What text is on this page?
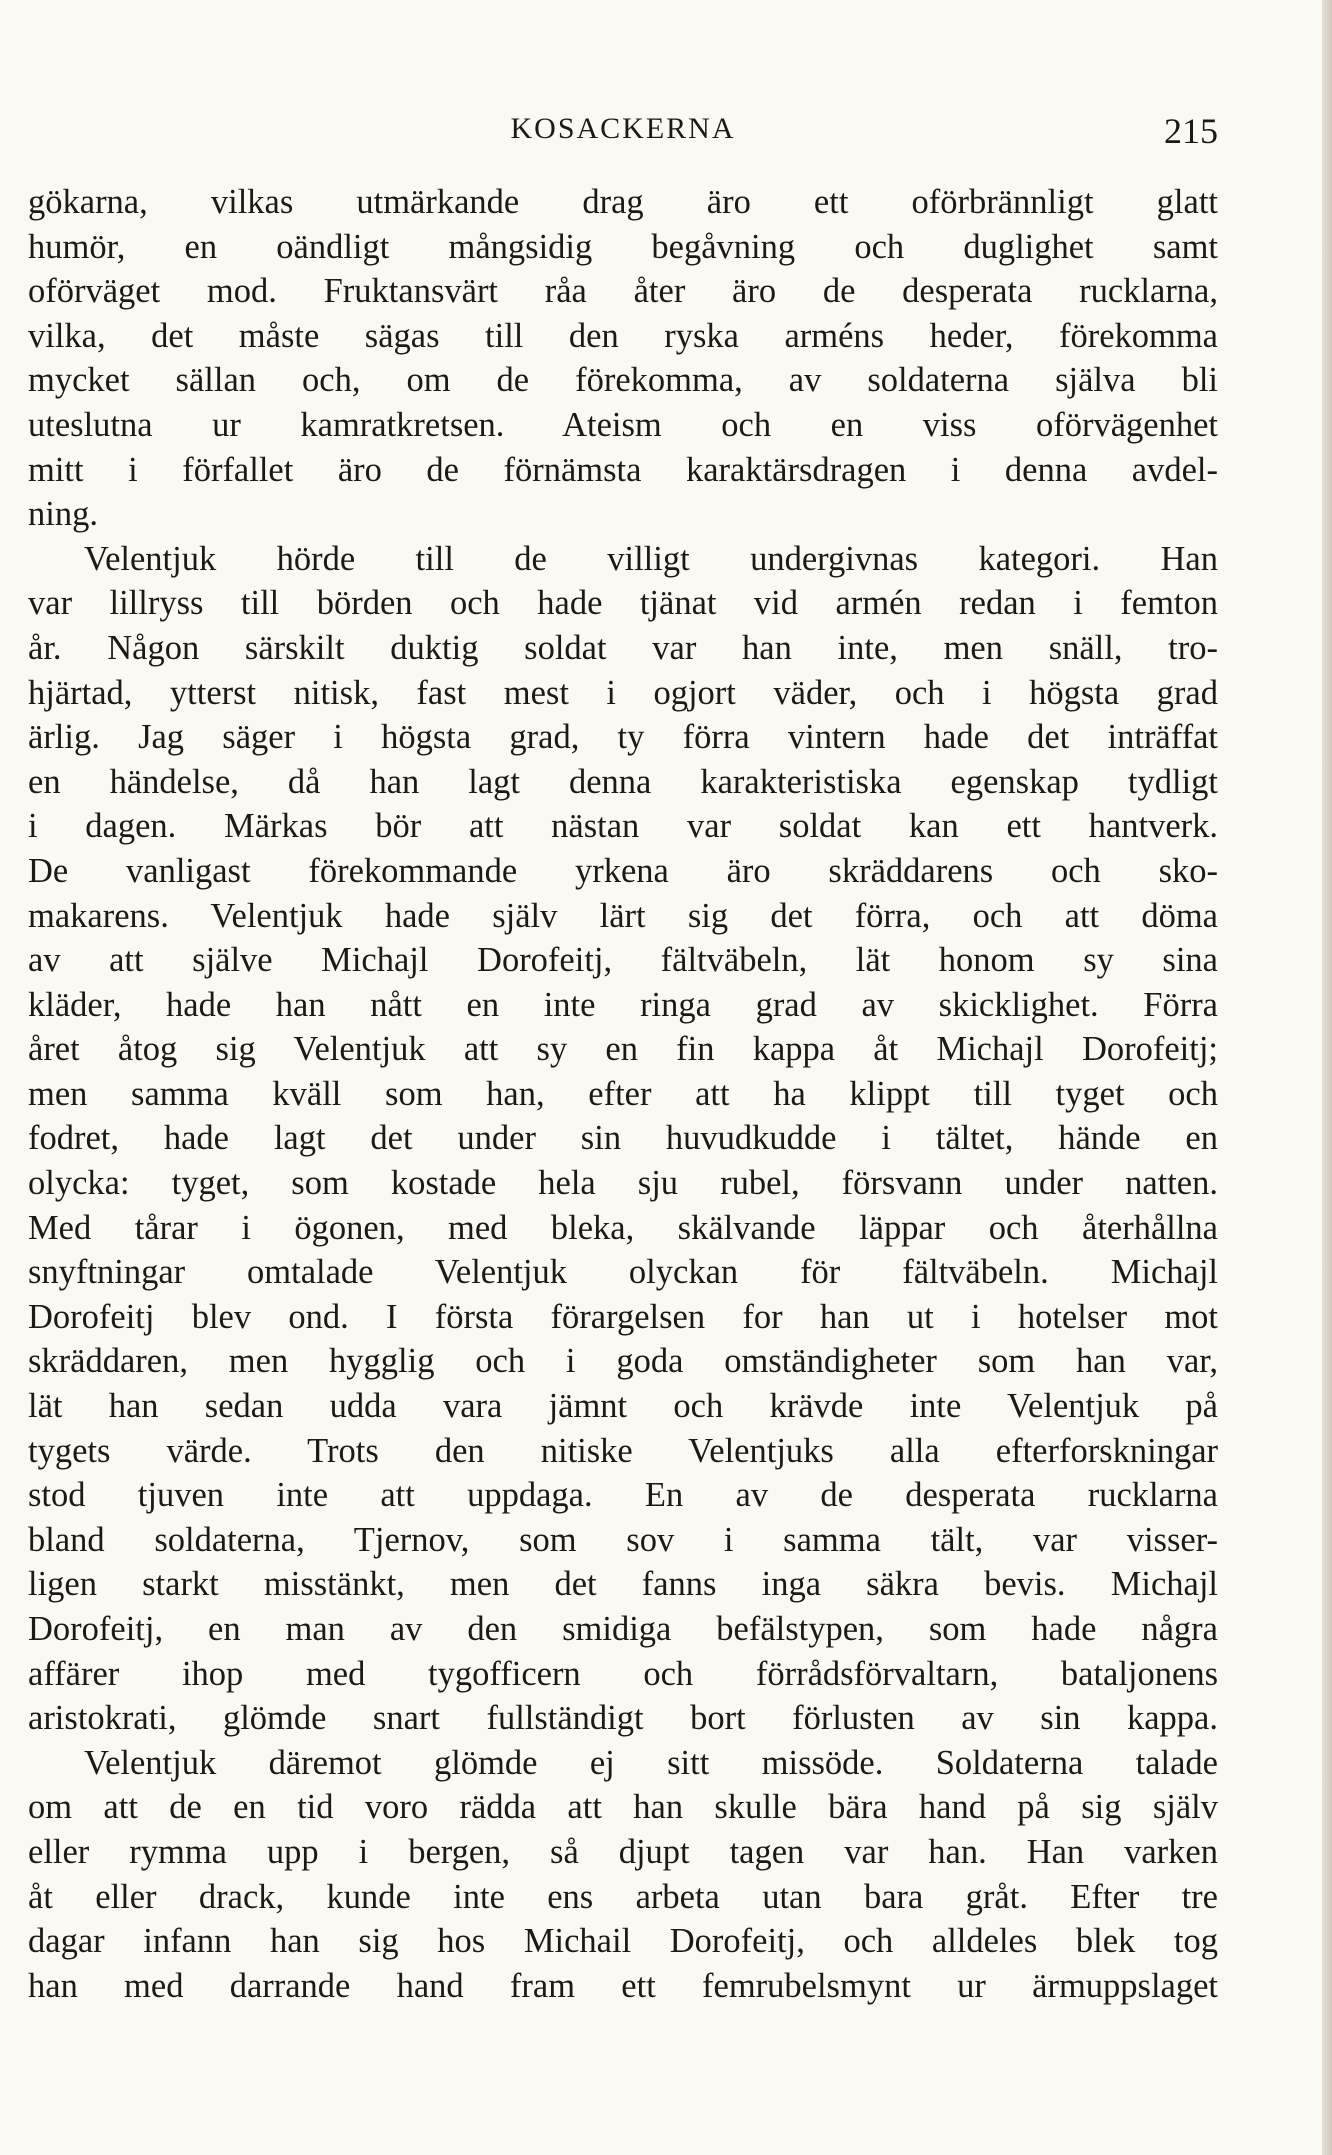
KOSACKERNA	215
gökarna, vilkas utmärkande drag äro ett oförbrännligt glatt
humör, en oändligt mångsidig begåvning och duglighet samt
oförväget mod. Fruktansvärt råa åter äro de desperata rucklarna,
vilka, det måste sägas till den ryska arméns heder, förekomma
mycket sällan och, om de förekomma, av soldaterna själva bli
uteslutna ur kamratkretsen. Ateism och en viss oförvägenhet
mitt i förfallet äro de förnämsta karaktärsdragen i denna avdel-
ning.
Velentjuk hörde till de villigt undergivnas kategori. Han
var lillryss till börden och hade tjänat vid armén redan i femton
år. Någon särskilt duktig soldat var han inte, men snäll, tro-
hjärtad, ytterst nitisk, fast mest i ogjort väder, och i högsta grad
ärlig. Jag säger i högsta grad, ty förra vintern hade det inträffat
en händelse, då han lagt denna karakteristiska egenskap tydligt
i dagen. Märkas bör att nästan var soldat kan ett hantverk.
De vanligast förekommande yrkena äro skräddarens och sko-
makarens. Velentjuk hade själv lärt sig det förra, och att döma
av att själve Michajl Dorofeitj, fältväbeln, lät honom sy sina
kläder, hade han nått en inte ringa grad av skicklighet. Förra
året åtog sig Velentjuk att sy en fin kappa åt Michajl Dorofeitj;
men samma kväll som han, efter att ha klippt till tyget och
fodret, hade lagt det under sin huvudkudde i tältet, hände en
olycka: tyget, som kostade hela sju rubel, försvann under natten.
Med tårar i ögonen, med bleka, skälvande läppar och återhållna
snyftningar omtalade Velentjuk olyckan för fältväbeln. Michajl
Dorofeitj blev ond. I första förargelsen for han ut i hotelser mot
skräddaren, men hygglig och i goda omständigheter som han var,
lät han sedan udda vara jämnt och krävde inte Velentjuk på
tygets värde. Trots den nitiske Velentjuks alla efterforskningar
stod tjuven inte att uppdaga. En av de desperata rucklarna
bland soldaterna, Tjernov, som sov i samma tält, var visser-
ligen starkt misstänkt, men det fanns inga säkra bevis. Michajl
Dorofeitj, en man av den smidiga befälstypen, som hade några
affärer ihop med tygofficern och förrådsförvaltarn, bataljonens
aristokrati, glömde snart fullständigt bort förlusten av sin kappa.
Velentjuk däremot glömde ej sitt missöde. Soldaterna talade
om att de en tid voro rädda att han skulle bära hand på sig själv
eller rymma upp i bergen, så djupt tagen var han. Han varken
åt eller drack, kunde inte ens arbeta utan bara gråt. Efter tre
dagar infann han sig hos Michail Dorofeitj, och alldeles blek tog
han med darrande hand fram ett femrubelsmynt ur ärmuppslaget
